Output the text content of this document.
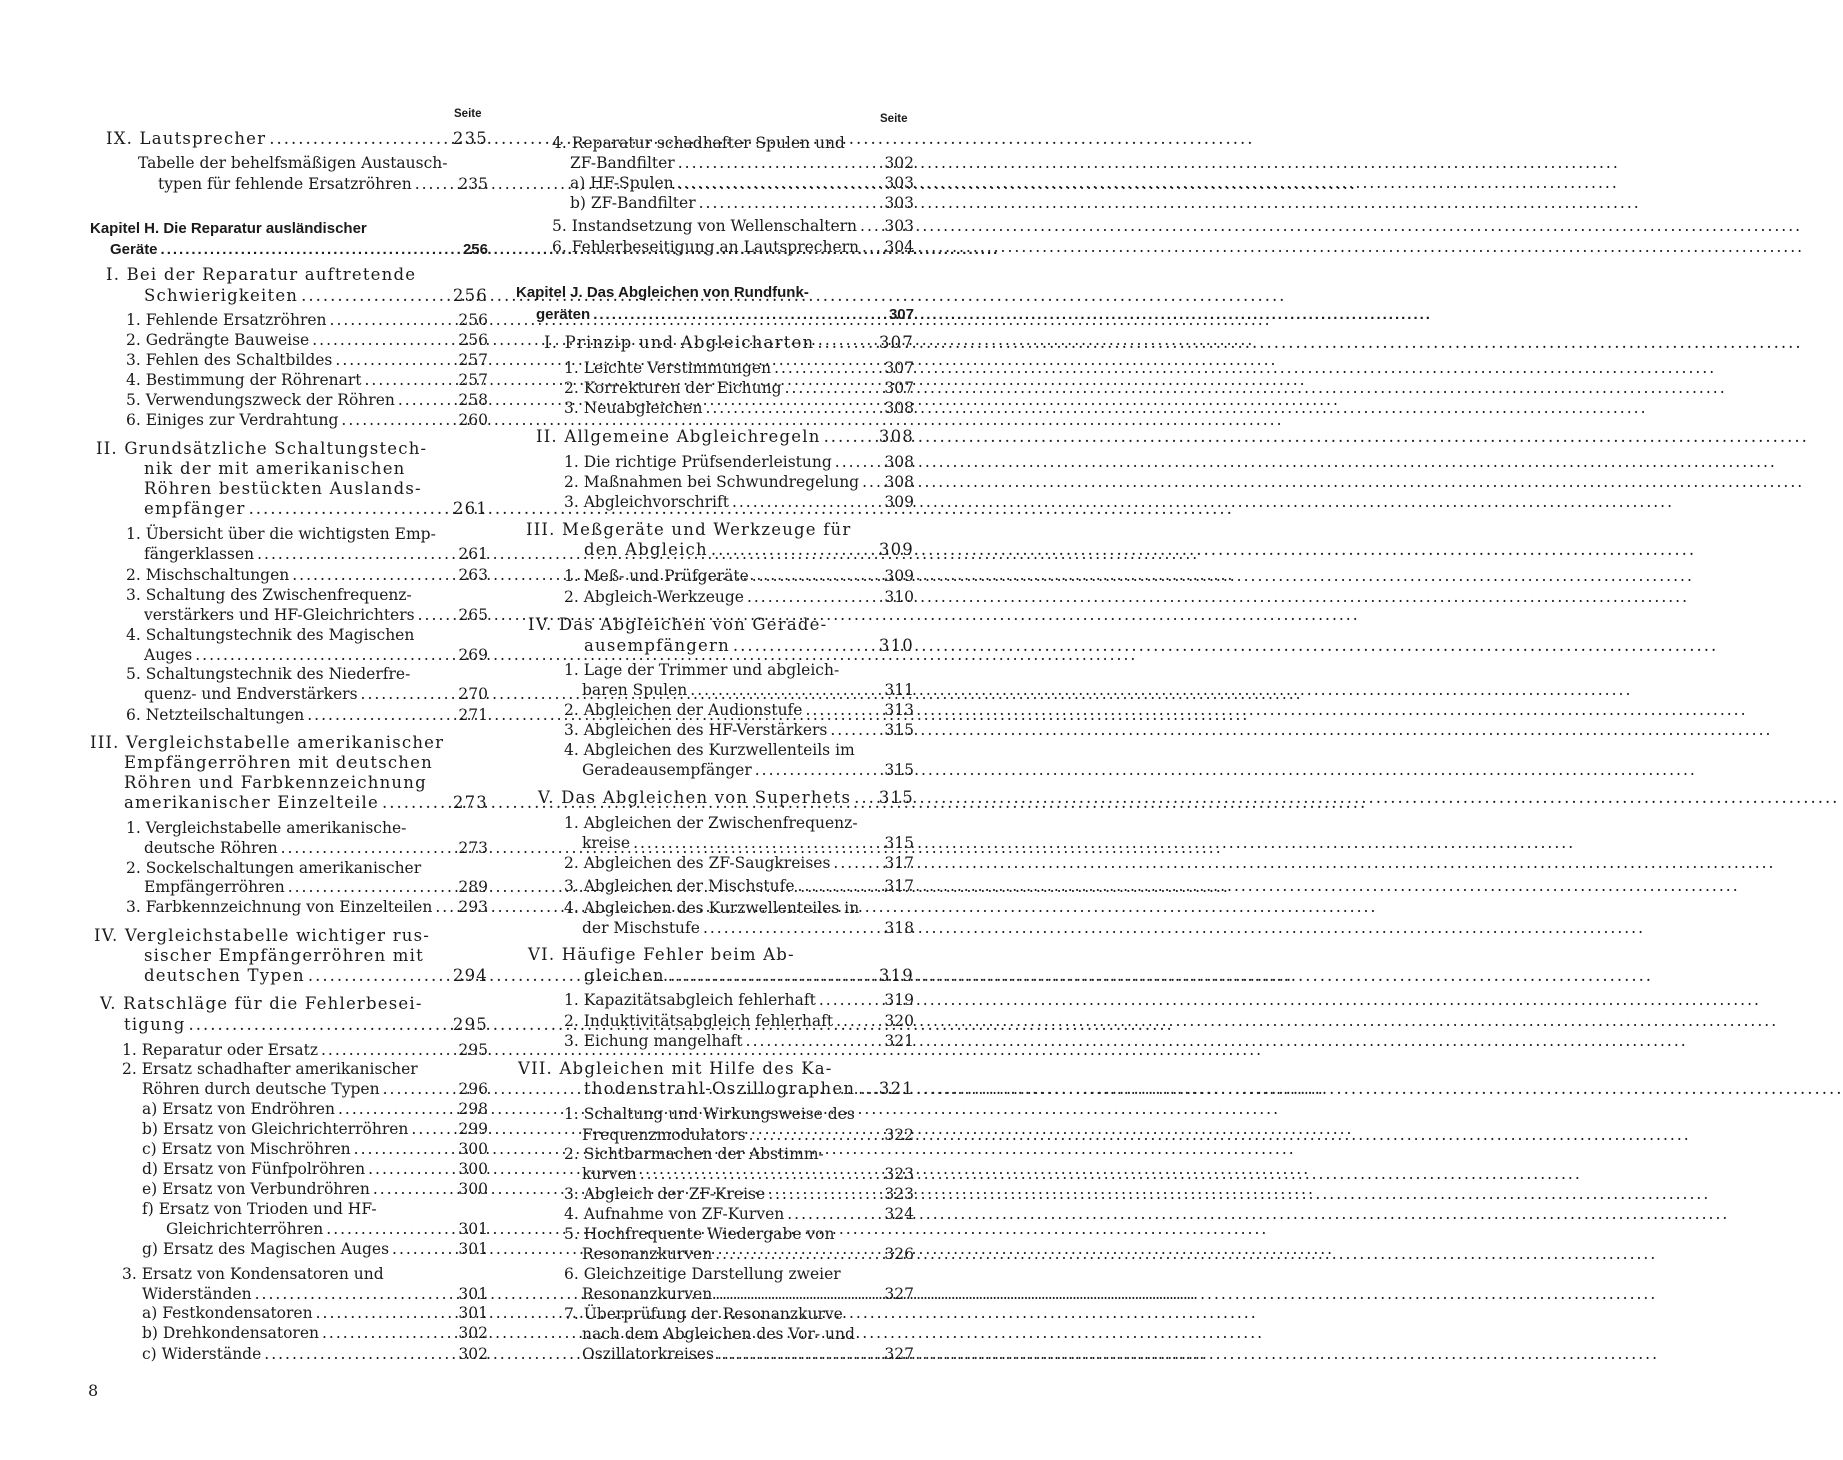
Seite	Seite
IX. Lautsprecher .....	235
Tabelle der behelfsmäßigen Austausch-
typen für fehlende Ersatzröhren .....	235
Kapitel H. Die Reparatur ausländischer
Geräte .....	256
I. Bei der Reparatur auftretende
Schwierigkeiten .....	256
1. Fehlende Ersatzröhren .....	256
2. Gedrängte Bauweise .....	256
3. Fehlen des Schaltbildes .....	257
4. Bestimmung der Röhrenart .....	257
5. Verwendungszweck der Röhren .....	258
6. Einiges zur Verdrahtung .....	260
II. Grundsätzliche Schaltungstech-
nik der mit amerikanischen
Röhren bestückten Auslands-
empfänger .....	261
1. Übersicht über die wichtigsten Emp-
fängerklassen .....	261
2. Mischschaltungen .....	263
3. Schaltung des Zwischenfrequenz-
verstärkers und HF-Gleichrichters .....	265
4. Schaltungstechnik des Magischen
Auges .....	269
5. Schaltungstechnik des Niederfre-
quenz- und Endverstärkers .....	270
6. Netzteilschaltungen .....	271
III. Vergleichstabelle amerikanischer
Empfängerröhren mit deutschen
Röhren und Farbkennzeichnung
amerikanischer Einzelteile .....	273
1. Vergleichstabelle amerikanische-
deutsche Röhren .....	273
2. Sockelschaltungen amerikanischer
Empfängerröhren .....	289
3. Farbkennzeichnung von Einzelteilen ..... 293
IV. Vergleichstabelle wichtiger rus-
sischer Empfängerröhren mit
deutschen Typen .....	294
V. Ratschläge für die Fehlerbesei-
tigung .....	295
1. Reparatur oder Ersatz .....	295
2. Ersatz schadhafter amerikanischer
Röhren durch deutsche Typen .....	296
a) Ersatz von Endröhren .....	298
b) Ersatz von Gleichrichterröhren .....	299
c) Ersatz von Mischröhren .....	300
d) Ersatz von Fünfpolröhren .....	300
e) Ersatz von Verbundröhren .....	300
f) Ersatz von Trioden und HF-
Gleichrichterröhren .....	301
g) Ersatz des Magischen Auges .....	301
3. Ersatz von Kondensatoren und
Widerständen .....	301
a) Festkondensatoren .....	301
b) Drehkondensatoren .....	302
c) Widerstände .....	302
4. Reparatur schadhafter Spulen und
ZF-Bandfilter .....	302
a) HF-Spulen .....	303
b) ZF-Bandfilter .....	303
5. Instandsetzung von Wellenschaltern ..... 303
6. Fehlerbeseitigung an Lautsprechern ..... 304
Kapitel J. Das Abgleichen von Rundfunk-
geräten .....	307
I. Prinzip und Abgleicharten .....	307
1. Leichte Verstimmungen .....	307
2. Korrekturen der Eichung .....	307
3. Neuabgleichen .....	308
II. Allgemeine Abgleichregeln .....	308
1. Die richtige Prüfsenderleistung .....	308
2. Maßnahmen bei Schwundregelung ..... 308
3. Abgleichvorschrift .....	309
III. Meßgeräte und Werkzeuge für
den Abgleich .....	309
1. Meß- und Prüfgeräte .....	309
2. Abgleich-Werkzeuge .....	310
IV. Das Abgleichen von Gerade-
ausempfängern .....	310
1. Lage der Trimmer und abgleich-
baren Spulen .....	311
2. Abgleichen der Audionstufe .....	313
3. Abgleichen des HF-Verstärkers .....	315
4. Abgleichen des Kurzwellenteils im
Geradeausempfänger .....	315
V. Das Abgleichen von Superhets ..... 315
1. Abgleichen der Zwischenfrequenz-
kreise .....	315
2. Abgleichen des ZF-Saugkreises .....	317
3. Abgleichen der Mischstufe .....	317
4. Abgleichen des Kurzwellenteiles in
der Mischstufe .....	318
VI. Häufige Fehler beim Ab-
gleichen .....	319
1. Kapazitätsabgleich fehlerhaft .....	319
2. Induktivitätsabgleich fehlerhaft .....	320
3. Eichung mangelhaft .....	321
VII. Abgleichen mit Hilfe des Ka-
thodenstrahl-Oszillographen ..... 321
1. Schaltung und Wirkungsweise des
Frequenzmodulators .....	322
2. Sichtbarmachen der Abstimm-
kurven .....	323
3. Abgleich der ZF-Kreise .....	323
4. Aufnahme von ZF-Kurven .....	324
5. Hochfrequente Wiedergabe von
Resonanzkurven .....	326
6. Gleichzeitige Darstellung zweier
Resonanzkurven .....	327
7. Überprüfung der Resonanzkurve
nach dem Abgleichen des Vor- und
Oszillatorkreises .....	327
8
